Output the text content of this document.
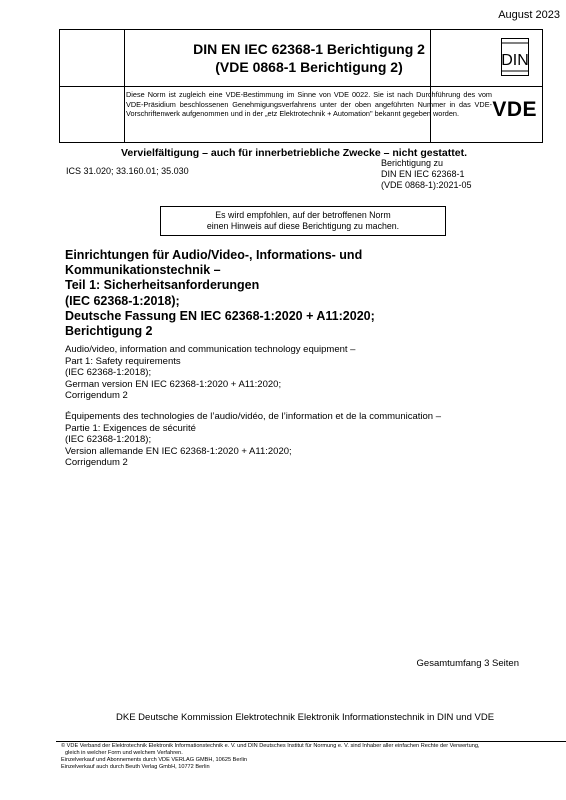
August 2023
DIN EN IEC 62368-1 Berichtigung 2
(VDE 0868-1 Berichtigung 2)
Diese Norm ist zugleich eine VDE-Bestimmung im Sinne von VDE 0022. Sie ist nach Durchführung des vom VDE-Präsidium beschlossenen Genehmigungsverfahrens unter der oben angeführten Nummer in das VDE-Vorschriftenwerk aufgenommen und in der „etz Elektrotechnik + Automation" bekannt gegeben worden.
DIN
VDE
Vervielfältigung – auch für innerbetriebliche Zwecke – nicht gestattet.
ICS 31.020; 33.160.01; 35.030
Berichtigung zu
DIN EN IEC 62368-1
(VDE 0868-1):2021-05
Es wird empfohlen, auf der betroffenen Norm
einen Hinweis auf diese Berichtigung zu machen.
Einrichtungen für Audio/Video-, Informations- und
Kommunikationstechnik –
Teil 1: Sicherheitsanforderungen
(IEC 62368-1:2018);
Deutsche Fassung EN IEC 62368-1:2020 + A11:2020;
Berichtigung 2
Audio/video, information and communication technology equipment –
Part 1: Safety requirements
(IEC 62368-1:2018);
German version EN IEC 62368-1:2020 + A11:2020;
Corrigendum 2
Équipements des technologies de l’audio/vidéo, de l’information et de la communication –
Partie 1: Exigences de sécurité
(IEC 62368-1:2018);
Version allemande EN IEC 62368-1:2020 + A11:2020;
Corrigendum 2
Gesamtumfang 3 Seiten
DKE Deutsche Kommission Elektrotechnik Elektronik Informationstechnik in DIN und VDE
© VDE Verband der Elektrotechnik Elektronik Informationstechnik e. V. und DIN Deutsches Institut für Normung e. V. sind Inhaber aller einfachen Rechte der Verwertung,
gleich in welcher Form und welchem Verfahren.
Einzelverkauf und Abonnements durch VDE VERLAG GMBH, 10625 Berlin
Einzelverkauf auch durch Beuth Verlag GmbH, 10772 Berlin
